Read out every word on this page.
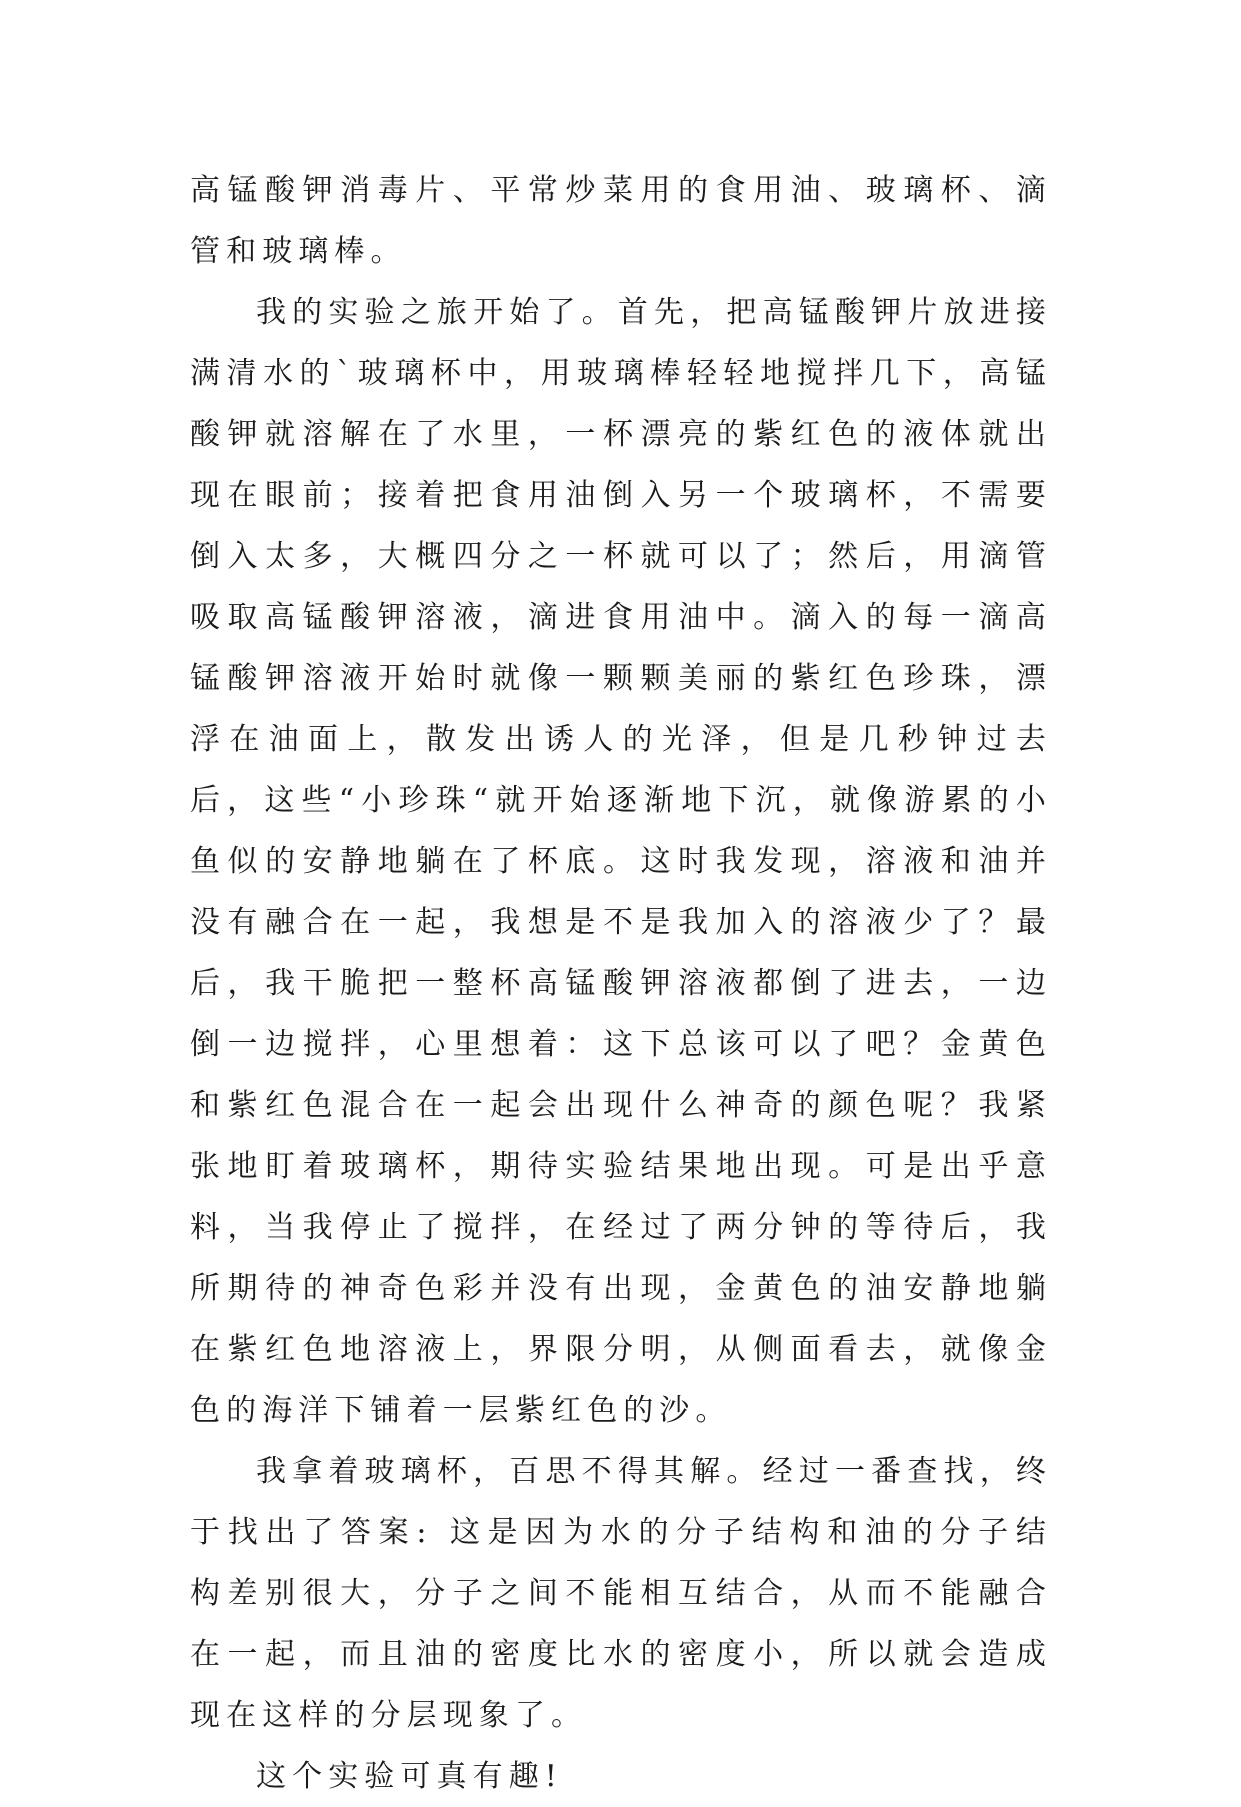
高锰酸钾消毒片、平常炒菜用的食用油、玻璃杯、滴管和玻璃棒。

我的实验之旅开始了。首先，把高锰酸钾片放进接满清水的`玻璃杯中，用玻璃棒轻轻地搅拌几下，高锰酸钾就溶解在了水里，一杯漂亮的紫红色的液体就出现在眼前；接着把食用油倒入另一个玻璃杯，不需要倒入太多，大概四分之一杯就可以了；然后，用滴管吸取高锰酸钾溶液，滴进食用油中。滴入的每一滴高锰酸钾溶液开始时就像一颗颗美丽的紫红色珍珠，漂浮在油面上，散发出诱人的光泽，但是几秒钟过去后，这些“小珍珠“就开始逐渐地下沉，就像游累的小鱼似的安静地躺在了杯底。这时我发现，溶液和油并没有融合在一起，我想是不是我加入的溶液少了？最后，我干脆把一整杯高锰酸钾溶液都倒了进去，一边倒一边搅拌，心里想着：这下总该可以了吧？金黄色和紫红色混合在一起会出现什么神奇的颜色呢？我紧张地盯着玻璃杯，期待实验结果地出现。可是出乎意料，当我停止了搅拌，在经过了两分钟的等待后，我所期待的神奇色彩并没有出现，金黄色的油安静地躺在紫红色地溶液上，界限分明，从侧面看去，就像金色的海洋下铺着一层紫红色的沙。

我拿着玻璃杯，百思不得其解。经过一番查找，终于找出了答案: 这是因为水的分子结构和油的分子结构差别很大，分子之间不能相互结合，从而不能融合在一起，而且油的密度比水的密度小，所以就会造成现在这样的分层现象了。

这个实验可真有趣!
